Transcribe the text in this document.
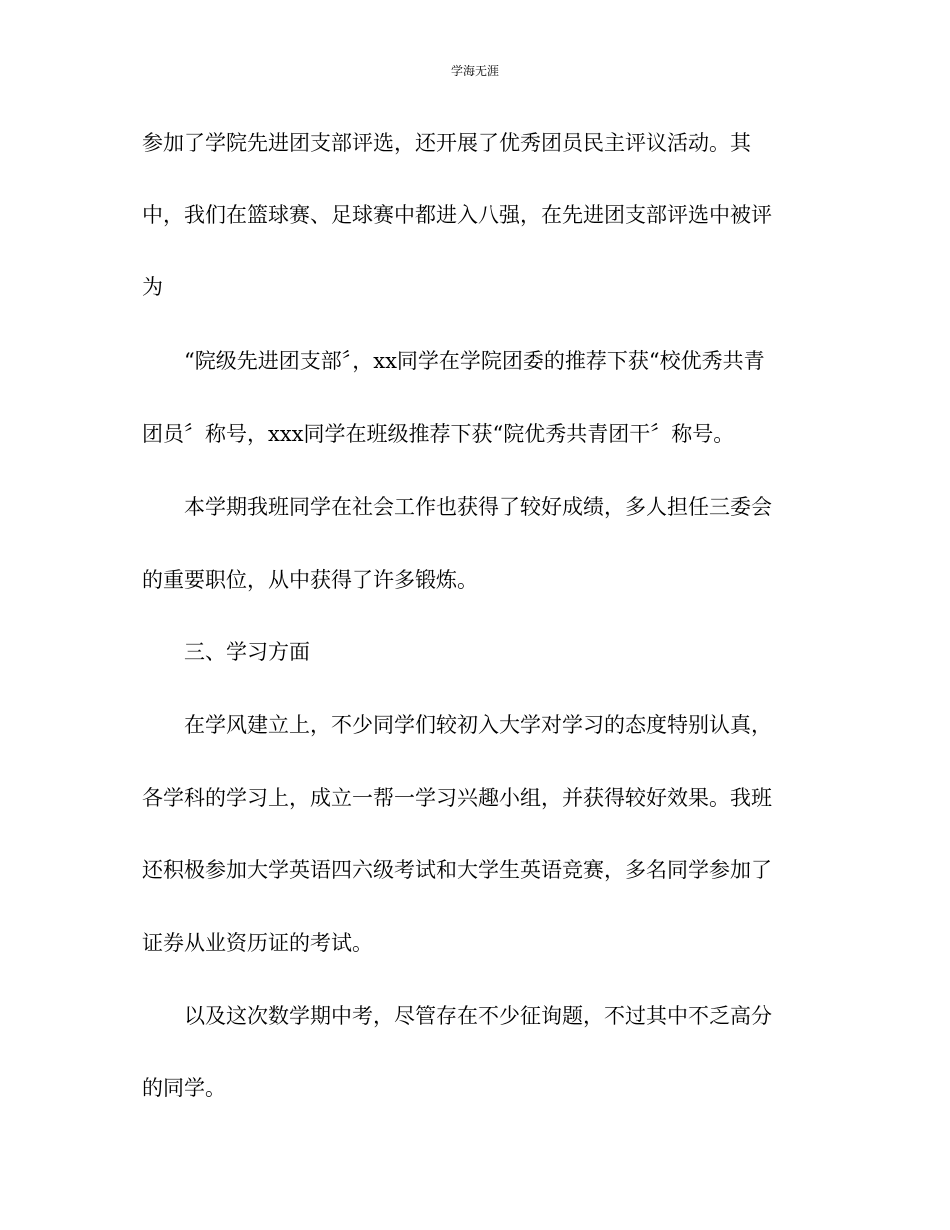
学海无涯
参加了学院先进团支部评选，还开展了优秀团员民主评议活动。其
中，我们在篮球赛、足球赛中都进入八强，在先进团支部评选中被评
为
“院级先进团支部〞，xx同学在学院团委的推荐下获“校优秀共青
团员〞称号，xxx同学在班级推荐下获“院优秀共青团干〞称号。
本学期我班同学在社会工作也获得了较好成绩，多人担任三委会
的重要职位，从中获得了许多锻炼。
三、学习方面
在学风建立上，不少同学们较初入大学对学习的态度特别认真，
各学科的学习上，成立一帮一学习兴趣小组，并获得较好效果。我班
还积极参加大学英语四六级考试和大学生英语竞赛，多名同学参加了
证券从业资历证的考试。
以及这次数学期中考，尽管存在不少征询题，不过其中不乏高分
的同学。
